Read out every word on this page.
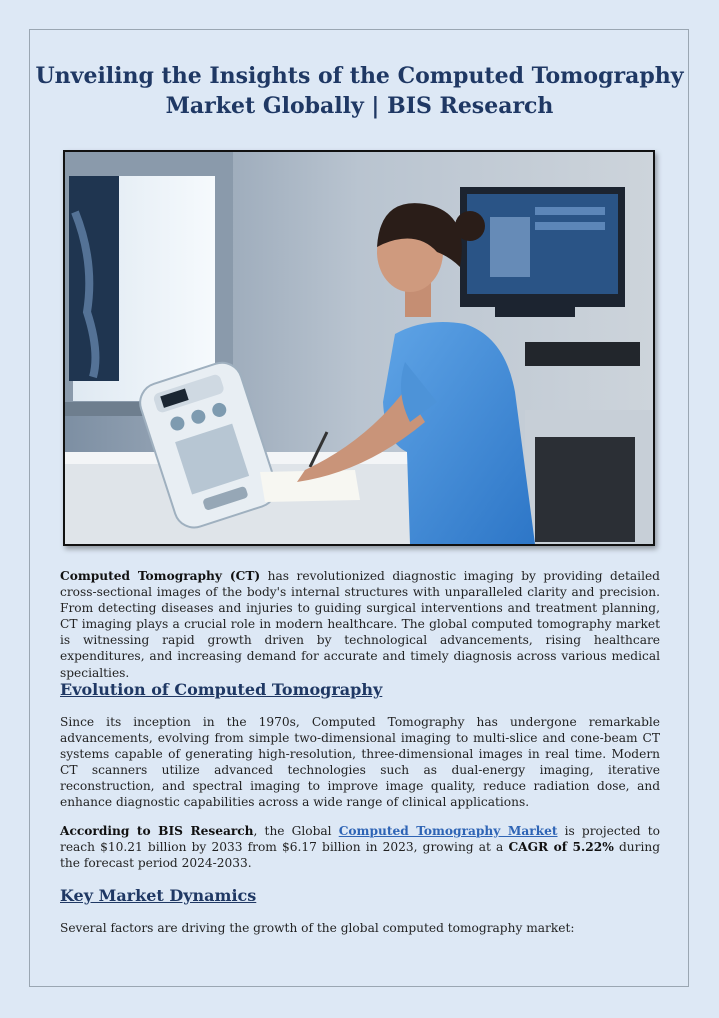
Unveiling the Insights of the Computed Tomography Market Globally | BIS Research

Computed Tomography (CT) has revolutionized diagnostic imaging by providing detailed cross-sectional images of the body's internal structures with unparalleled clarity and precision. From detecting diseases and injuries to guiding surgical interventions and treatment planning, CT imaging plays a crucial role in modern healthcare. The global computed tomography market is witnessing rapid growth driven by technological advancements, rising healthcare expenditures, and increasing demand for accurate and timely diagnosis across various medical specialties.

Evolution of Computed Tomography

Since its inception in the 1970s, Computed Tomography has undergone remarkable advancements, evolving from simple two-dimensional imaging to multi-slice and cone-beam CT systems capable of generating high-resolution, three-dimensional images in real time. Modern CT scanners utilize advanced technologies such as dual-energy imaging, iterative reconstruction, and spectral imaging to improve image quality, reduce radiation dose, and enhance diagnostic capabilities across a wide range of clinical applications.

According to BIS Research, the Global Computed Tomography Market is projected to reach $10.21 billion by 2033 from $6.17 billion in 2023, growing at a CAGR of 5.22% during the forecast period 2024-2033.

Key Market Dynamics

Several factors are driving the growth of the global computed tomography market:
